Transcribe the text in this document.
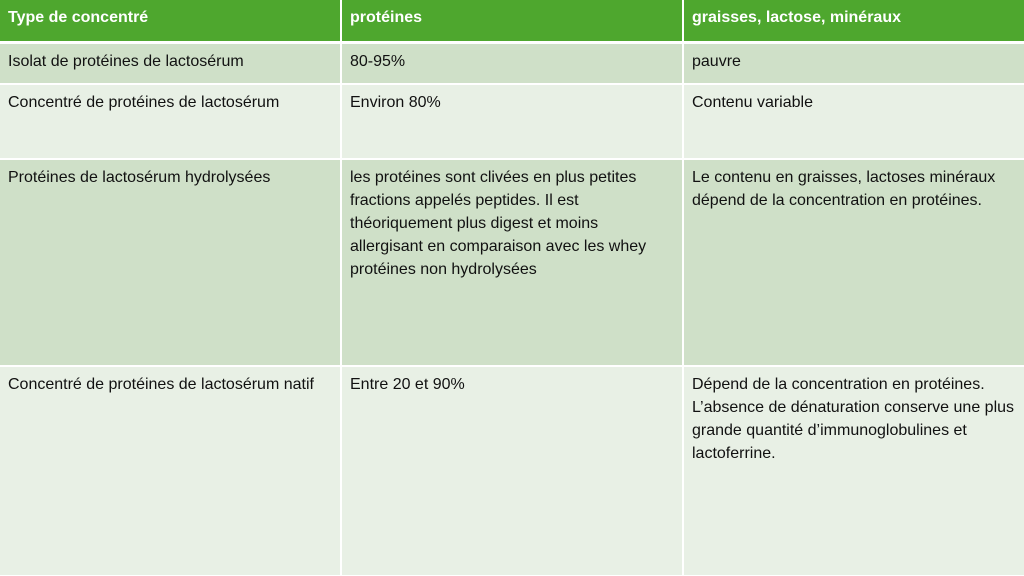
Type de concentré	protéines	graisses, lactose, minéraux
Isolat de protéines de lactosérum	80-95%	pauvre
Concentré de protéines de lactosérum	Environ 80%	Contenu variable
Protéines de lactosérum hydrolysées	les protéines sont clivées en plus petites fractions appelés peptides. Il est théoriquement plus digest et moins allergisant en comparaison avec les whey protéines non hydrolysées	Le contenu en graisses, lactoses minéraux dépend de la concentration en protéines.
Concentré de protéines de lactosérum natif	Entre 20 et 90%	Dépend de la concentration en protéines. L’absence de dénaturation conserve une plus grande quantité d’immunoglobulines et lactoferrine.
